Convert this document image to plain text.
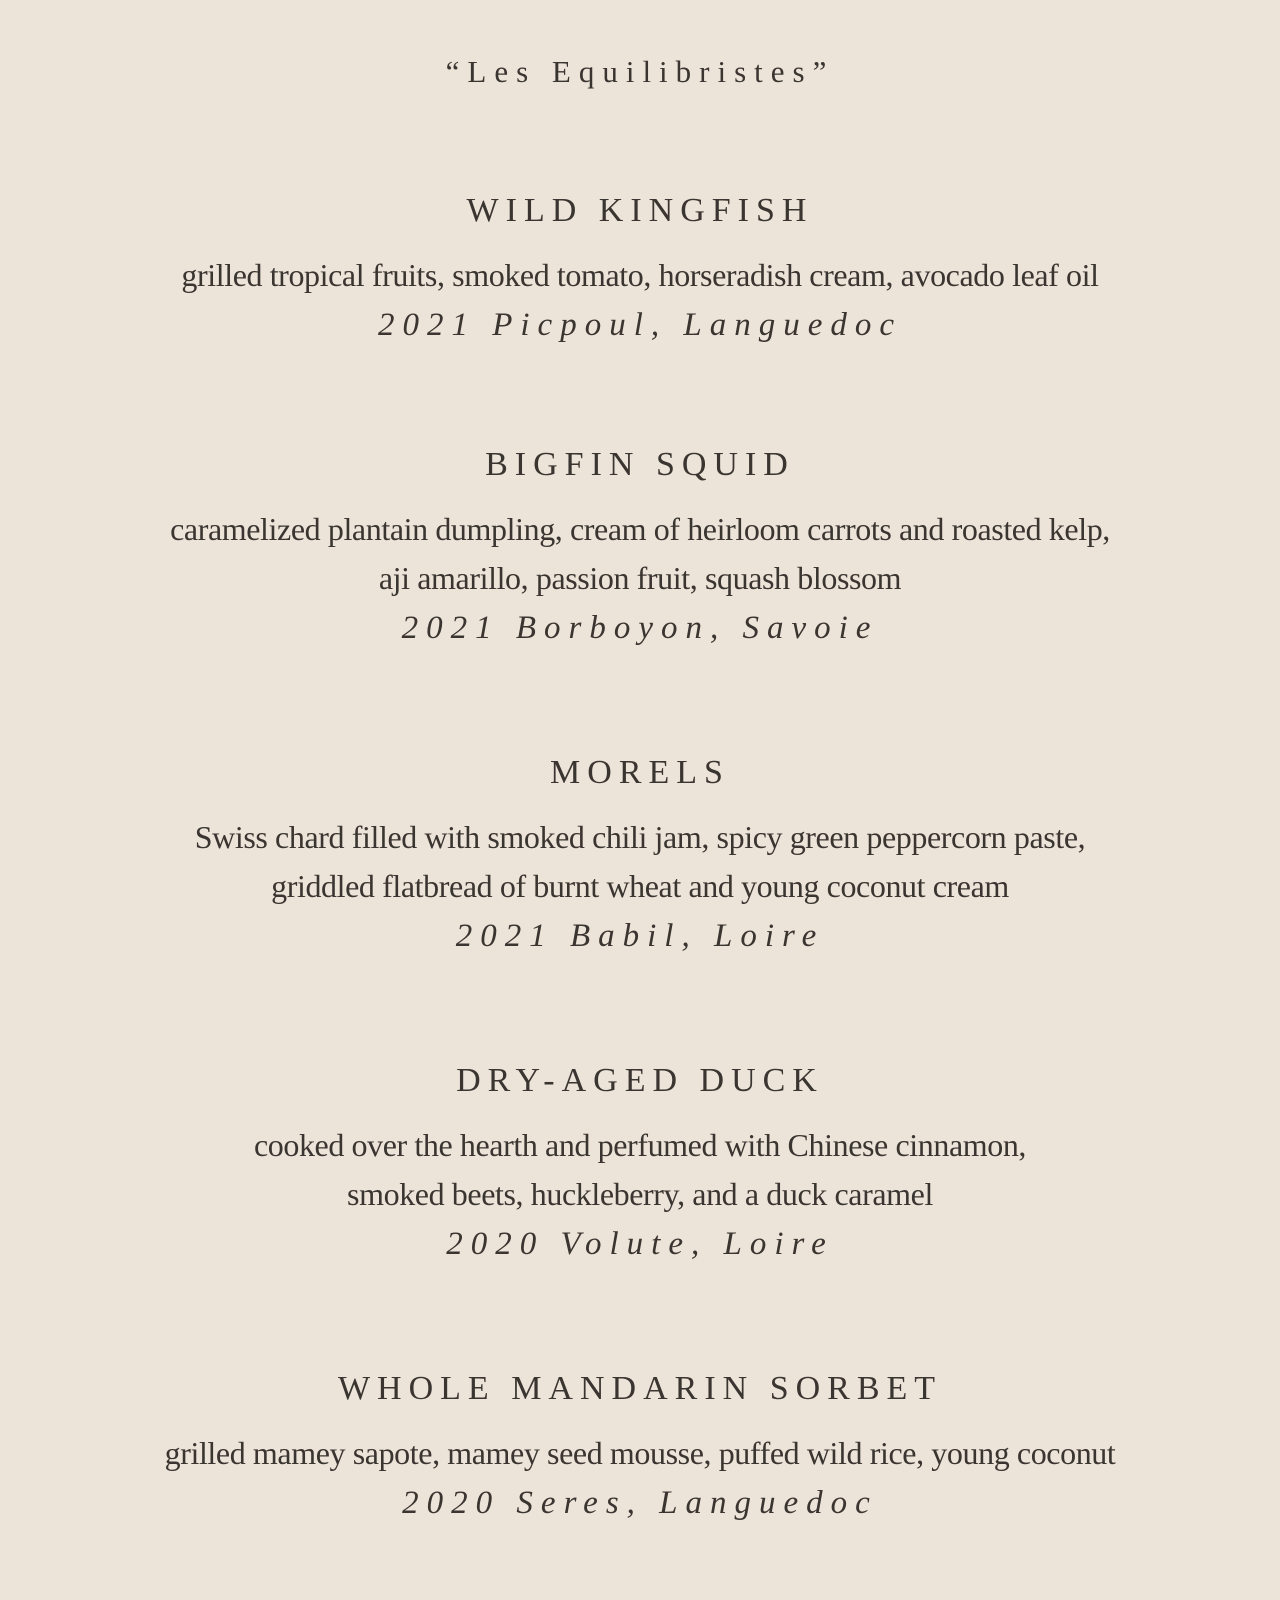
“Les Equilibristes”
WILD KINGFISH
grilled tropical fruits, smoked tomato, horseradish cream, avocado leaf oil
2021 Picpoul, Languedoc
BIGFIN SQUID
caramelized plantain dumpling, cream of heirloom carrots and roasted kelp,
aji amarillo, passion fruit, squash blossom
2021 Borboyon, Savoie
MORELS
Swiss chard filled with smoked chili jam, spicy green peppercorn paste,
griddled flatbread of burnt wheat and young coconut cream
2021 Babil, Loire
DRY-AGED DUCK
cooked over the hearth and perfumed with Chinese cinnamon,
smoked beets, huckleberry, and a duck caramel
2020 Volute, Loire
WHOLE MANDARIN SORBET
grilled mamey sapote, mamey seed mousse, puffed wild rice, young coconut
2020 Seres, Languedoc
